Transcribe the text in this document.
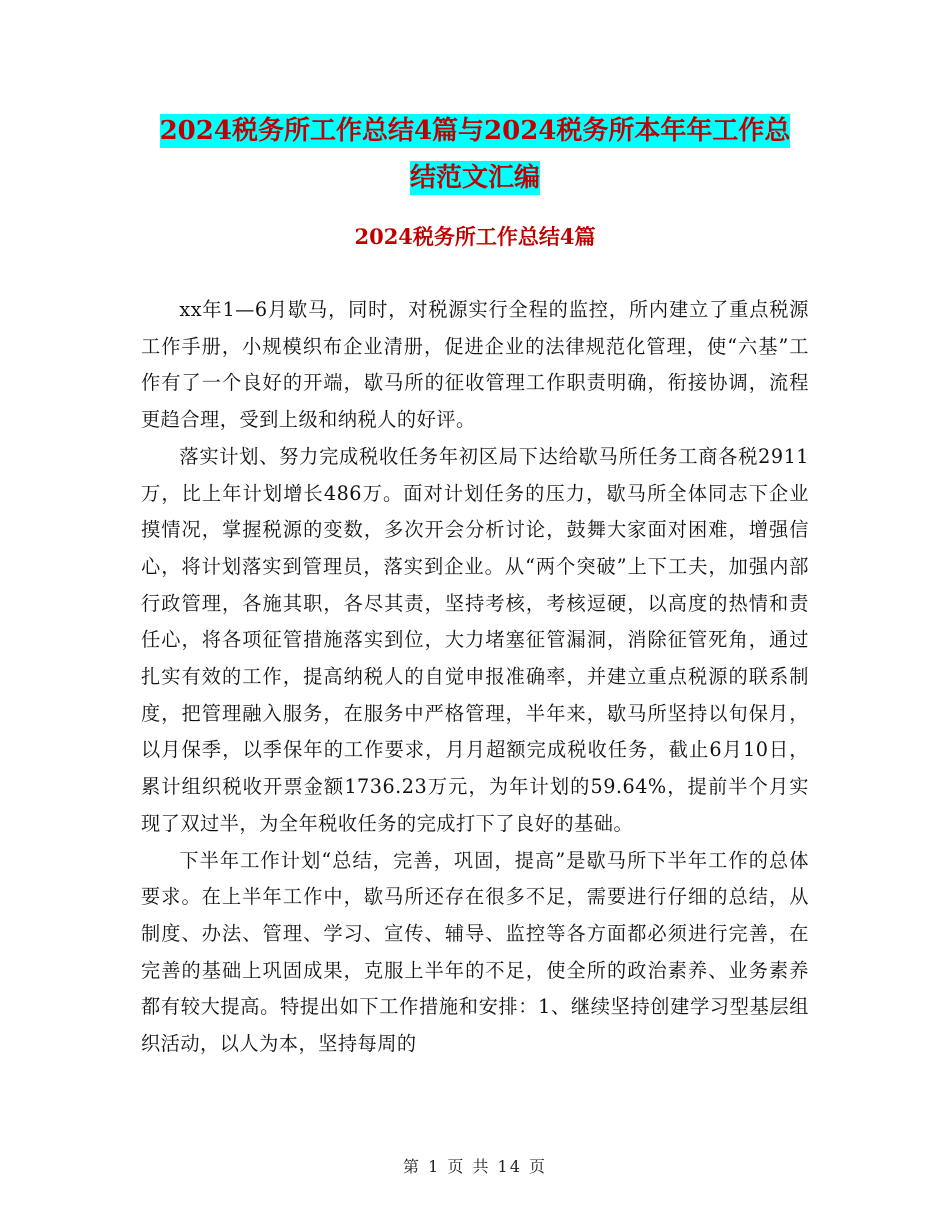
2024税务所工作总结4篇与2024税务所本年年工作总
结范文汇编
2024税务所工作总结4篇

xx年1—6月歇马，同时，对税源实行全程的监控，所内建立了重点税源工作手册，小规模织布企业清册，促进企业的法律规范化管理，使“六基”工作有了一个良好的开端，歇马所的征收管理工作职责明确，衔接协调，流程更趋合理，受到上级和纳税人的好评。

落实计划、努力完成税收任务年初区局下达给歇马所任务工商各税2911万，比上年计划增长486万。面对计划任务的压力，歇马所全体同志下企业摸情况，掌握税源的变数，多次开会分析讨论，鼓舞大家面对困难，增强信心，将计划落实到管理员，落实到企业。从“两个突破”上下工夫，加强内部行政管理，各施其职，各尽其责，坚持考核，考核逗硬，以高度的热情和责任心，将各项征管措施落实到位，大力堵塞征管漏洞，消除征管死角，通过扎实有效的工作，提高纳税人的自觉申报准确率，并建立重点税源的联系制度，把管理融入服务，在服务中严格管理，半年来，歇马所坚持以旬保月，以月保季，以季保年的工作要求，月月超额完成税收任务，截止6月10日，累计组织税收开票金额1736.23万元，为年计划的59.64%，提前半个月实现了双过半，为全年税收任务的完成打下了良好的基础。

下半年工作计划“总结，完善，巩固，提高”是歇马所下半年工作的总体要求。在上半年工作中，歇马所还存在很多不足，需要进行仔细的总结，从制度、办法、管理、学习、宣传、辅导、监控等各方面都必须进行完善，在完善的基础上巩固成果，克服上半年的不足，使全所的政治素养、业务素养都有较大提高。特提出如下工作措施和安排：1、继续坚持创建学习型基层组织活动，以人为本，坚持每周的

第 1 页 共 14 页
